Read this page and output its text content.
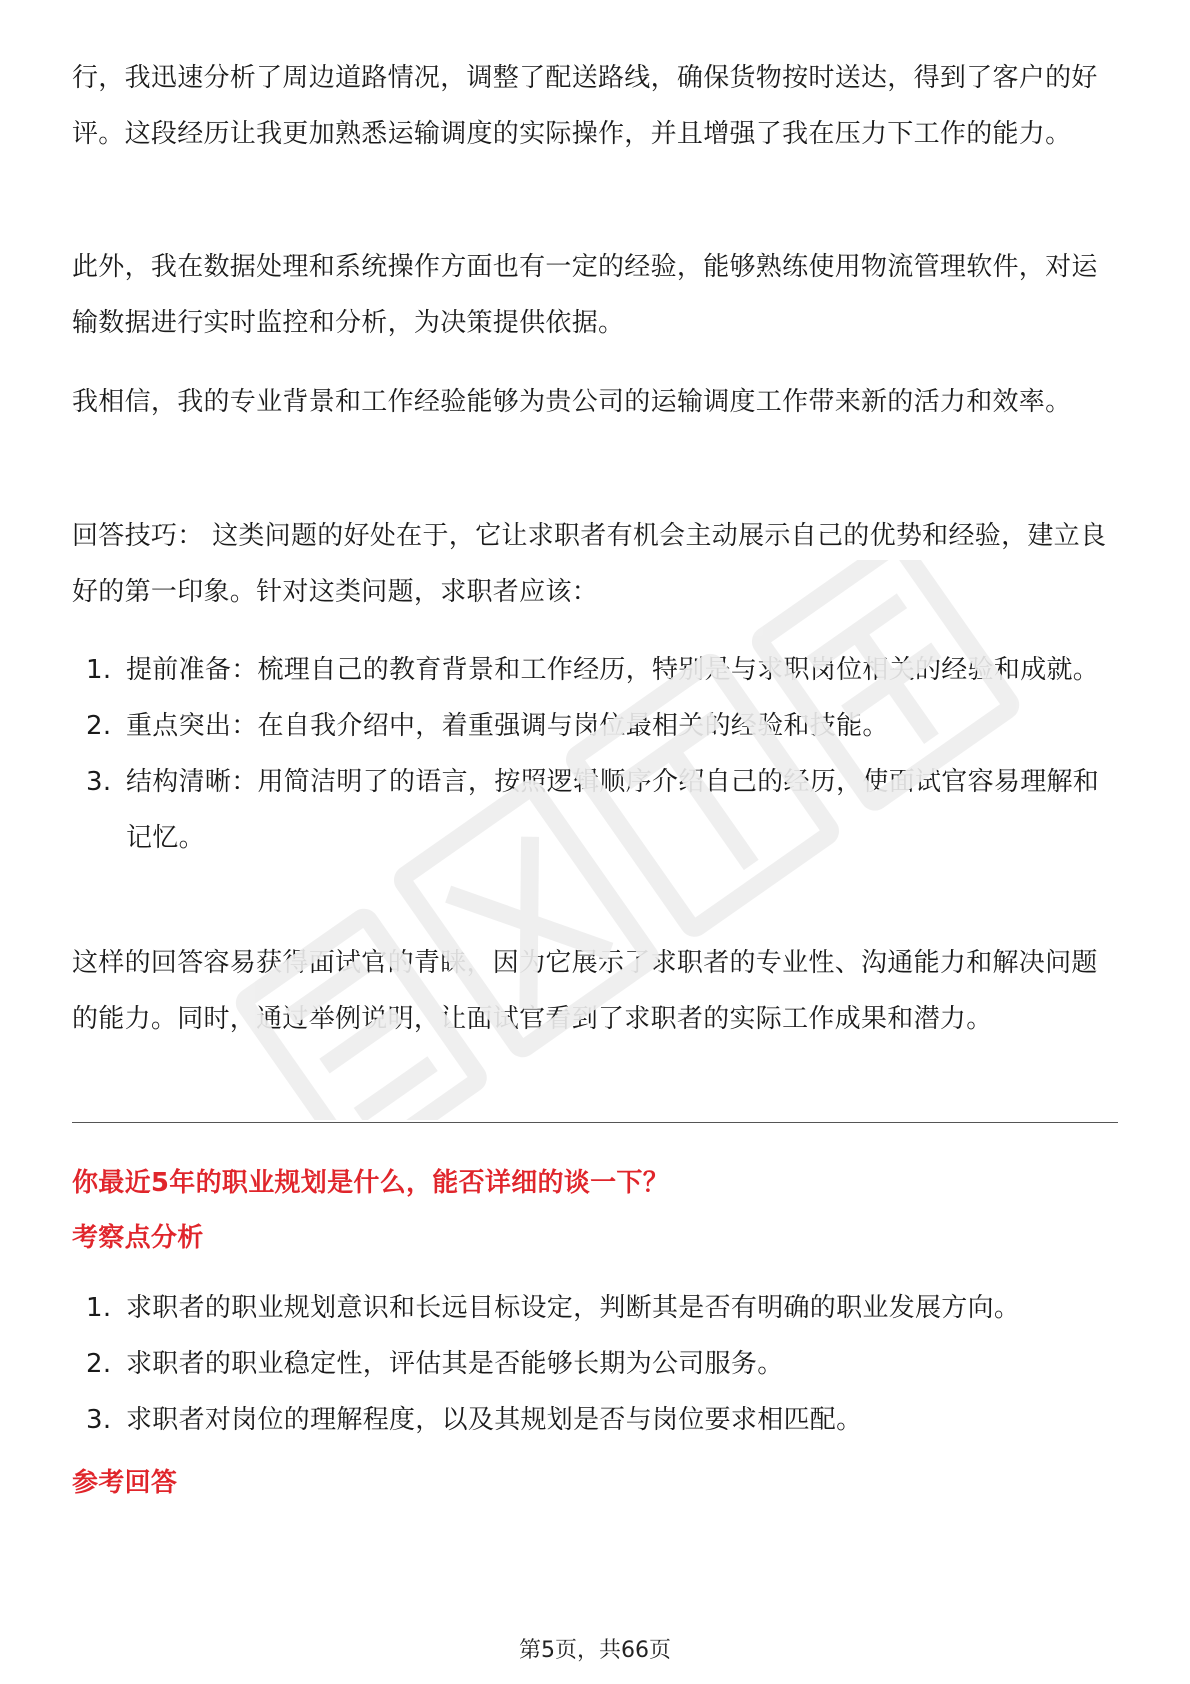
行，我迅速分析了周边道路情况，调整了配送路线，确保货物按时送达，得到了客户的好评。这段经历让我更加熟悉运输调度的实际操作，并且增强了我在压力下工作的能力。

此外，我在数据处理和系统操作方面也有一定的经验，能够熟练使用物流管理软件，对运输数据进行实时监控和分析，为决策提供依据。

我相信，我的专业背景和工作经验能够为贵公司的运输调度工作带来新的活力和效率。

回答技巧： 这类问题的好处在于，它让求职者有机会主动展示自己的优势和经验，建立良好的第一印象。针对这类问题，求职者应该：

1. 提前准备：梳理自己的教育背景和工作经历，特别是与求职岗位相关的经验和成就。
2. 重点突出：在自我介绍中，着重强调与岗位最相关的经验和技能。
3. 结构清晰：用简洁明了的语言，按照逻辑顺序介绍自己的经历，使面试官容易理解和记忆。

这样的回答容易获得面试官的青睐，因为它展示了求职者的专业性、沟通能力和解决问题的能力。同时，通过举例说明，让面试官看到了求职者的实际工作成果和潜力。

你最近5年的职业规划是什么，能否详细的谈一下？

考察点分析

1. 求职者的职业规划意识和长远目标设定，判断其是否有明确的职业发展方向。
2. 求职者的职业稳定性，评估其是否能够长期为公司服务。
3. 求职者对岗位的理解程度，以及其规划是否与岗位要求相匹配。

参考回答

第5页，共66页
